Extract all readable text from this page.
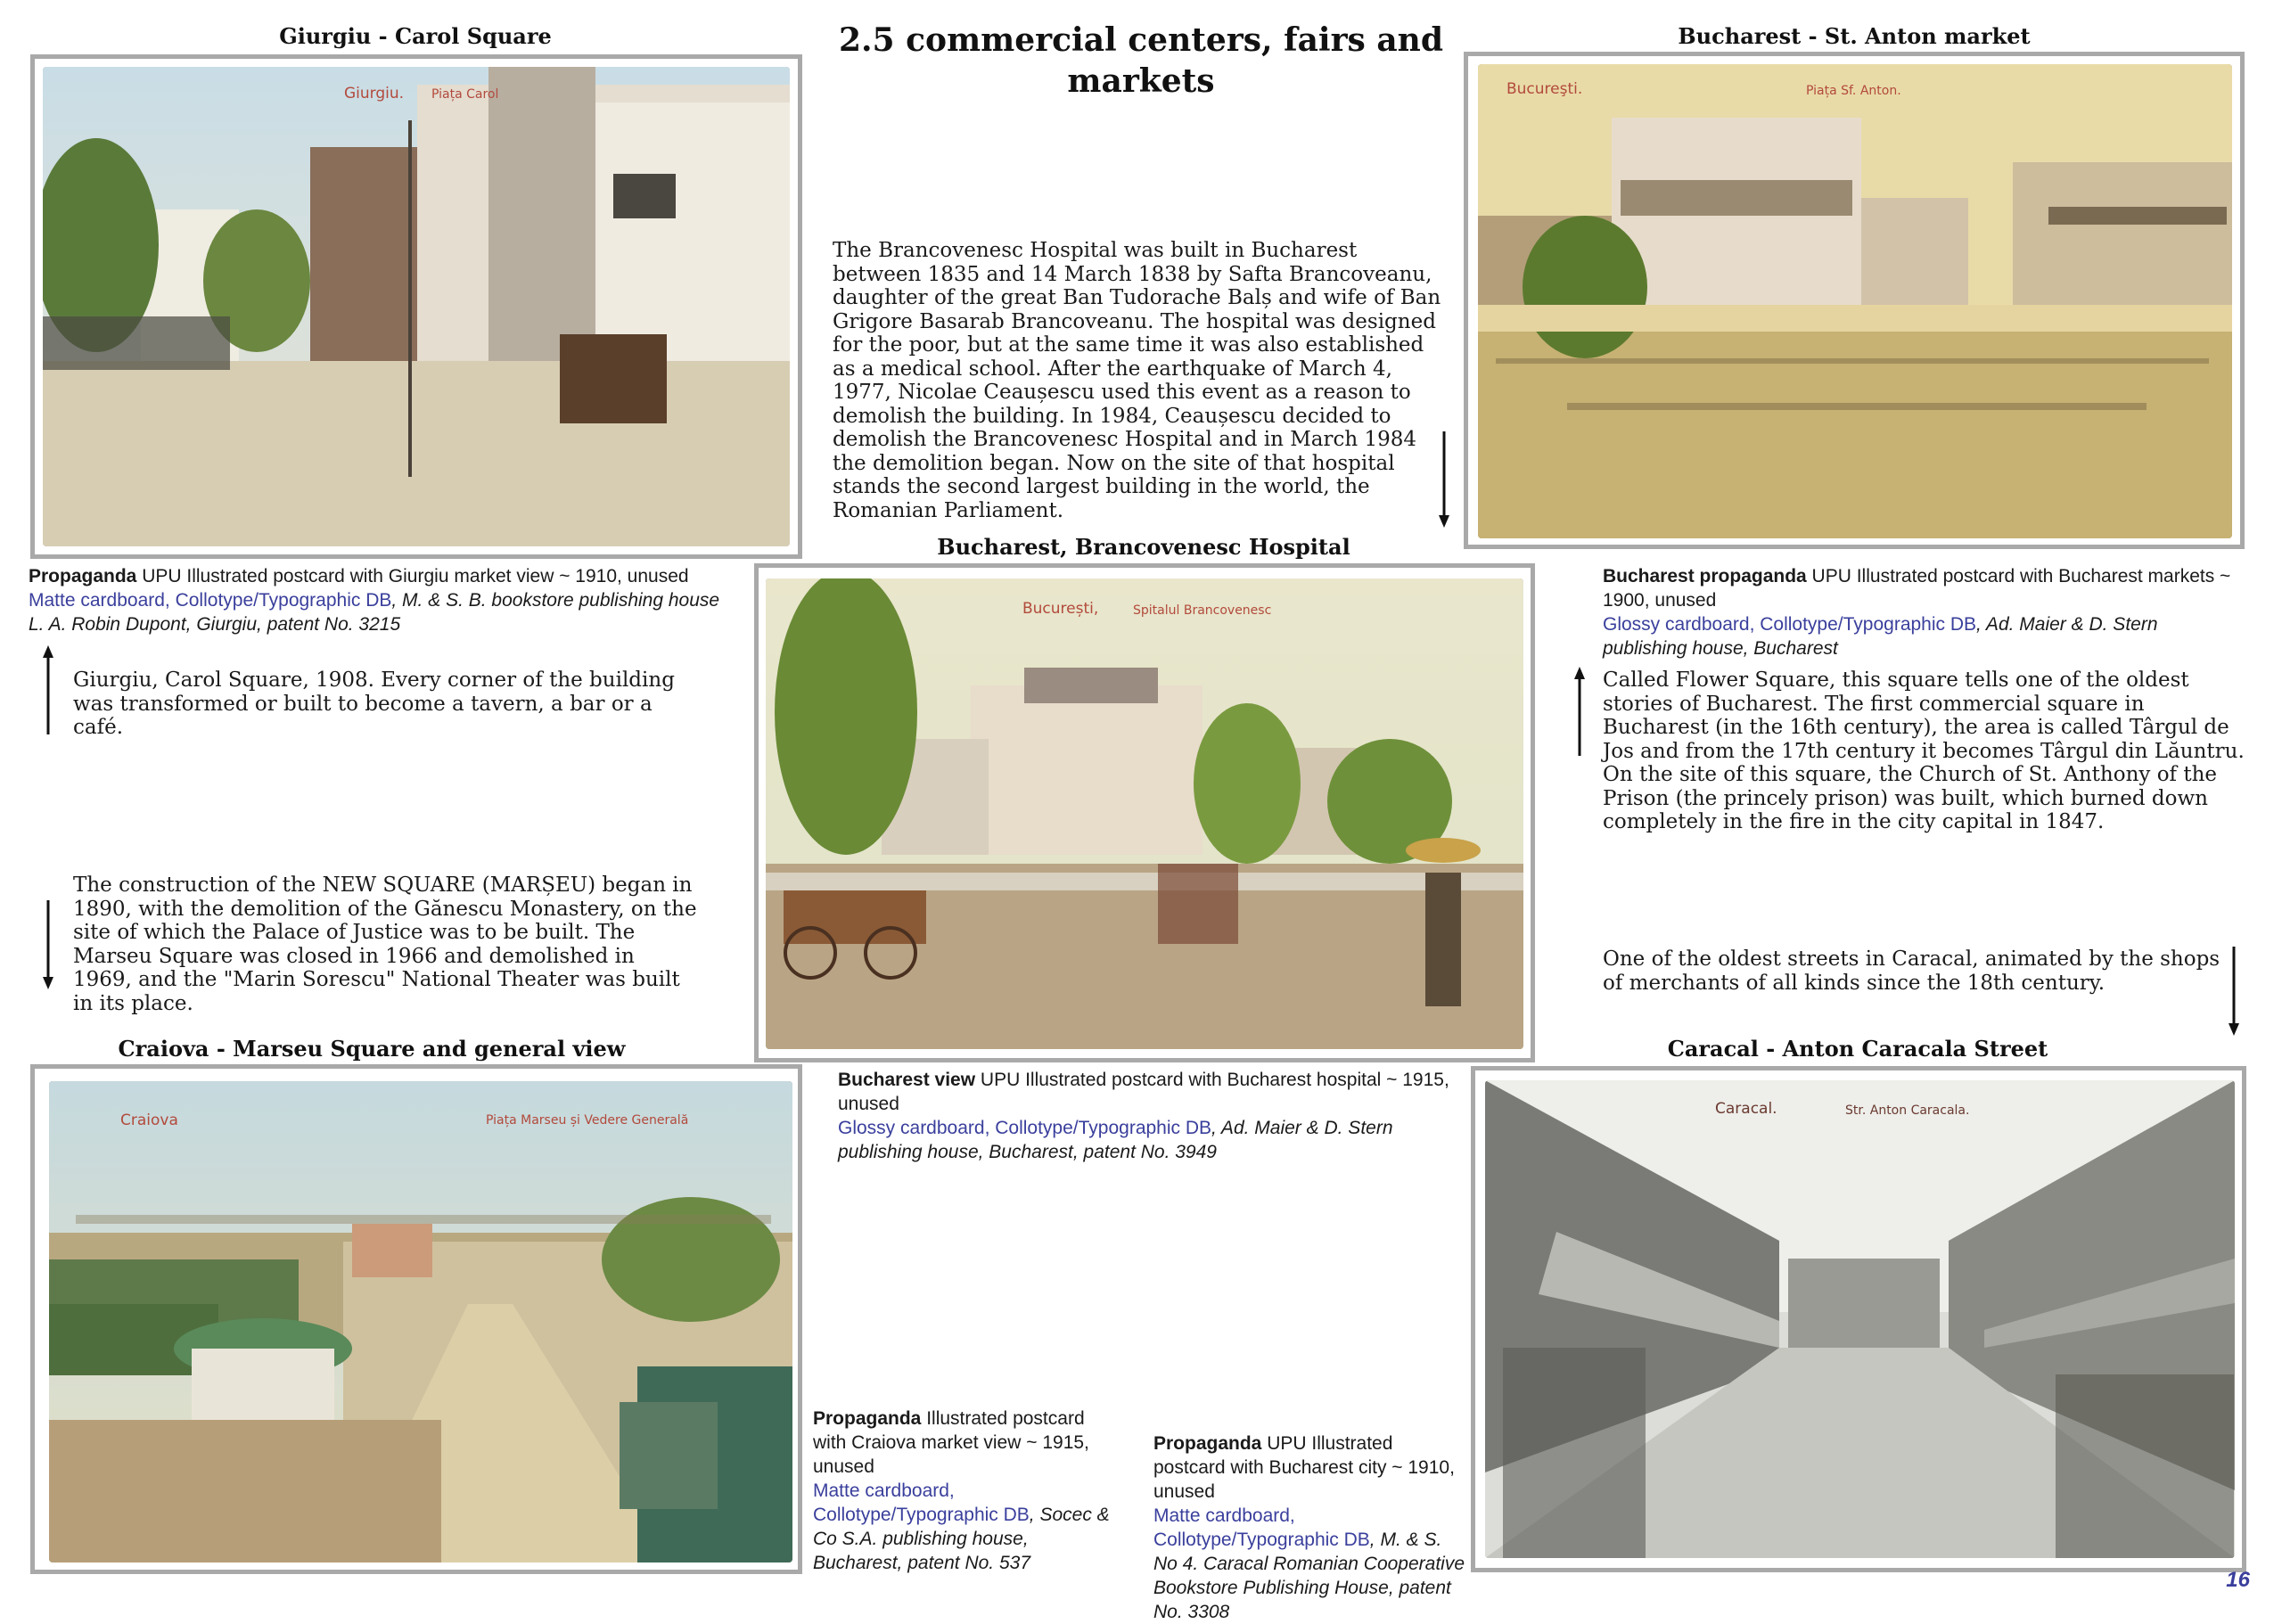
2.5 commercial centers, fairs and markets
Giurgiu - Carol Square
Giurgiu. Piața Carol
Propaganda UPU Illustrated postcard with Giurgiu market view ~ 1910, unused
Matte cardboard, Collotype/Typographic DB, M. & S. B. bookstore publishing house L. A. Robin Dupont, Giurgiu, patent No. 3215
Giurgiu, Carol Square, 1908. Every corner of the building was transformed or built to become a tavern, a bar or a café.
The Brancovenesc Hospital was built in Bucharest between 1835 and 14 March 1838 by Safta Brancoveanu, daughter of the great Ban Tudorache Balș and wife of Ban Grigore Basarab Brancoveanu. The hospital was designed for the poor, but at the same time it was also established as a medical school. After the earthquake of March 4, 1977, Nicolae Ceaușescu used this event as a reason to demolish the building. In 1984, Ceaușescu decided to demolish the Brancovenesc Hospital and in March 1984 the demolition began. Now on the site of that hospital stands the second largest building in the world, the Romanian Parliament.
Bucharest - St. Anton market
Bucureşti.	Piața Sf. Anton.
Bucharest propaganda UPU Illustrated postcard with Bucharest markets ~ 1900, unused
Glossy cardboard, Collotype/Typographic DB, Ad. Maier & D. Stern publishing house, Bucharest
Called Flower Square, this square tells one of the oldest stories of Bucharest. The first commercial square in Bucharest (in the 16th century), the area is called Târgul de Jos and from the 17th century it becomes Târgul din Lăuntru. On the site of this square, the Church of St. Anthony of the Prison (the princely prison) was built, which burned down completely in the fire in the city capital in 1847.
Bucharest, Brancovenesc Hospital
București,	Spitalul Brancovenesc
Bucharest view UPU Illustrated postcard with Bucharest hospital ~ 1915, unused
Glossy cardboard, Collotype/Typographic DB, Ad. Maier & D. Stern publishing house, Bucharest, patent No. 3949
The construction of the NEW SQUARE (MARȘEU) began in 1890, with the demolition of the Gănescu Monastery, on the site of which the Palace of Justice was to be built. The Marseu Square was closed in 1966 and demolished in 1969, and the "Marin Sorescu" National Theater was built in its place.
Craiova - Marseu Square and general view
Craiova	Piața Marseu și Vedere Generală
Propaganda Illustrated postcard with Craiova market view ~ 1915, unused
Matte cardboard, Collotype/Typographic DB, Socec & Co S.A. publishing house, Bucharest, patent No. 537
One of the oldest streets in Caracal, animated by the shops of merchants of all kinds since the 18th century.
Caracal - Anton Caracala Street
Caracal.	Str. Anton Caracala.
Propaganda UPU Illustrated postcard with Bucharest city ~ 1910, unused
Matte cardboard, Collotype/Typographic DB, M. & S. No 4. Caracal Romanian Cooperative Bookstore Publishing House, patent No. 3308
16
